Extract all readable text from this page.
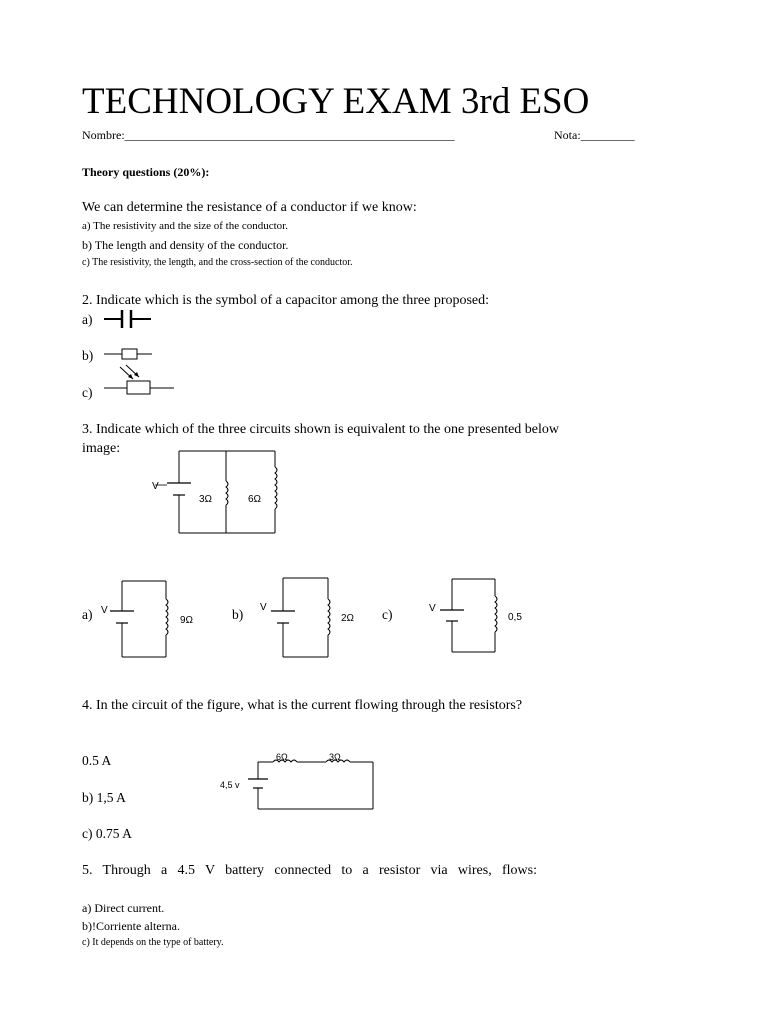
TECHNOLOGY EXAM 3rd ESO

Nombre:_______________________________________________________	Nota:_________

Theory questions (20%):

We can determine the resistance of a conductor if we know:

a) The resistivity and the size of the conductor.

b) The length and density of the conductor.

c) The resistivity, the length, and the cross-section of the conductor.

2. Indicate which is the symbol of a capacitor among the three proposed:

a)

b)

c)

3. Indicate which of the three circuits shown is equivalent to the one presented below

image:

V
3Ω	6Ω

a) V
9Ω	b) V
2Ω c)	V
0,5

4. In the circuit of the figure, what is the current flowing through the resistors?

0.5 A

b) 1,5 A

c) 0.75 A

6Ω	3Ω
4,5 v

5. Through a 4.5 V battery connected to a resistor via wires, flows:

a) Direct current.

b)!Corriente alterna.

c) It depends on the type of battery.
